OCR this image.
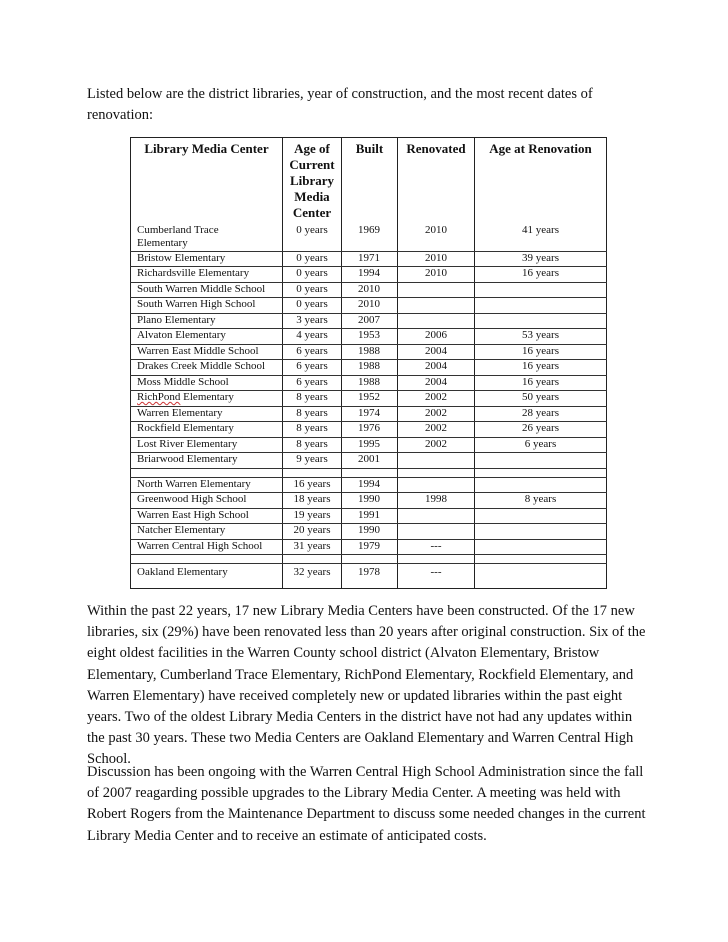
Listed below are the district libraries, year of construction, and the most recent dates of renovation:

Library Media Center	Age of Current Library Media Center	Built	Renovated	Age at Renovation
Cumberland Trace Elementary	0 years	1969	2010	41 years
Bristow Elementary	0 years	1971	2010	39 years
Richardsville Elementary	0 years	1994	2010	16 years
South Warren Middle School	0 years	2010		
South Warren High School	0 years	2010		
Plano Elementary	3 years	2007		
Alvaton Elementary	4 years	1953	2006	53 years
Warren East Middle School	6 years	1988	2004	16 years
Drakes Creek Middle School	6 years	1988	2004	16 years
Moss Middle School	6 years	1988	2004	16 years
RichPond Elementary	8 years	1952	2002	50 years
Warren Elementary	8 years	1974	2002	28 years
Rockfield Elementary	8 years	1976	2002	26 years
Lost River Elementary	8 years	1995	2002	6 years
Briarwood Elementary	9 years	2001		

North Warren Elementary	16 years	1994		
Greenwood High School	18 years	1990	1998	8 years
Warren East High School	19 years	1991		
Natcher Elementary	20 years	1990		
Warren Central High School	31 years	1979	---	

Oakland Elementary	32 years	1978	---	

Within the past 22 years, 17 new Library Media Centers have been constructed. Of the 17 new libraries, six (29%) have been renovated less than 20 years after original construction. Six of the eight oldest facilities in the Warren County school district (Alvaton Elementary, Bristow Elementary, Cumberland Trace Elementary, RichPond Elementary, Rockfield Elementary, and Warren Elementary) have received completely new or updated libraries within the past eight years. Two of the oldest Library Media Centers in the district have not had any updates within the past 30 years. These two Media Centers are Oakland Elementary and Warren Central High School.

Discussion has been ongoing with the Warren Central High School Administration since the fall of 2007 reagarding possible upgrades to the Library Media Center. A meeting was held with Robert Rogers from the Maintenance Department to discuss some needed changes in the current Library Media Center and to receive an estimate of anticipated costs.
